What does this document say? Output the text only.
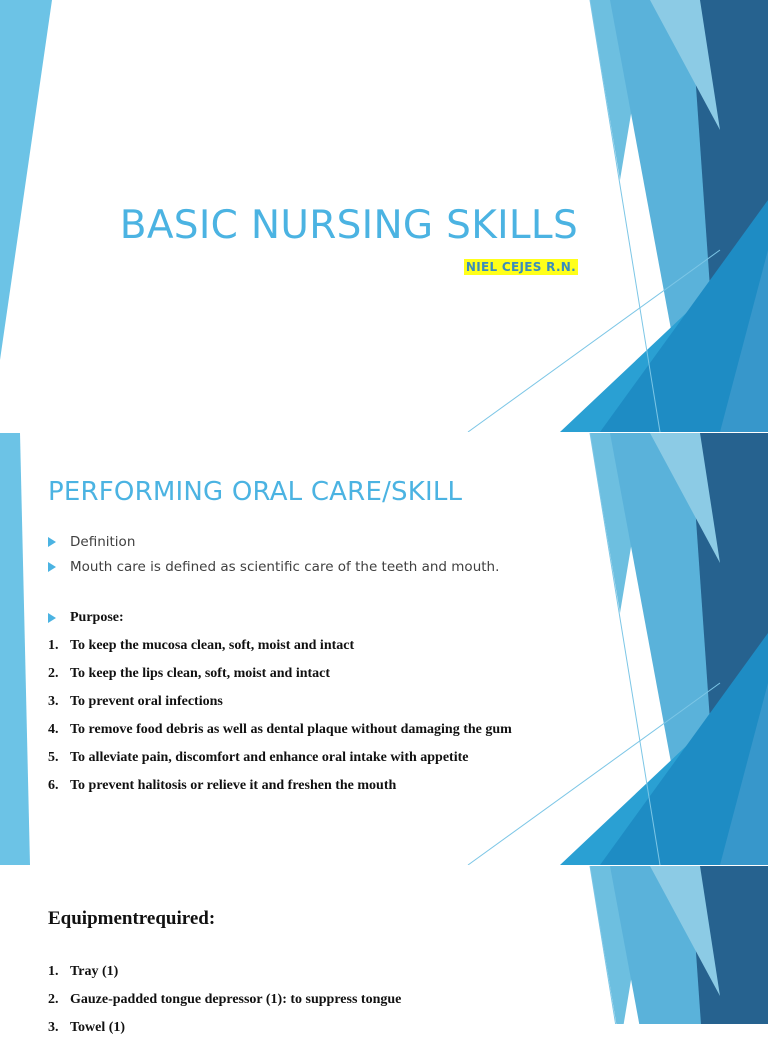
BASIC NURSING SKILLS
NIEL CEJES R.N.
PERFORMING ORAL CARE/SKILL
Definition
Mouth care is defined as scientific care of the teeth and mouth.
Purpose:
1. To keep the mucosa clean, soft, moist and intact
2. To keep the lips clean, soft, moist and intact
3. To prevent oral infections
4. To remove food debris as well as dental plaque without damaging the gum
5. To alleviate pain, discomfort and enhance oral intake with appetite
6. To prevent halitosis or relieve it and freshen the mouth
Equipmentrequired:
1. Tray (1)
2. Gauze-padded tongue depressor (1): to suppress tongue
3. Towel (1)
